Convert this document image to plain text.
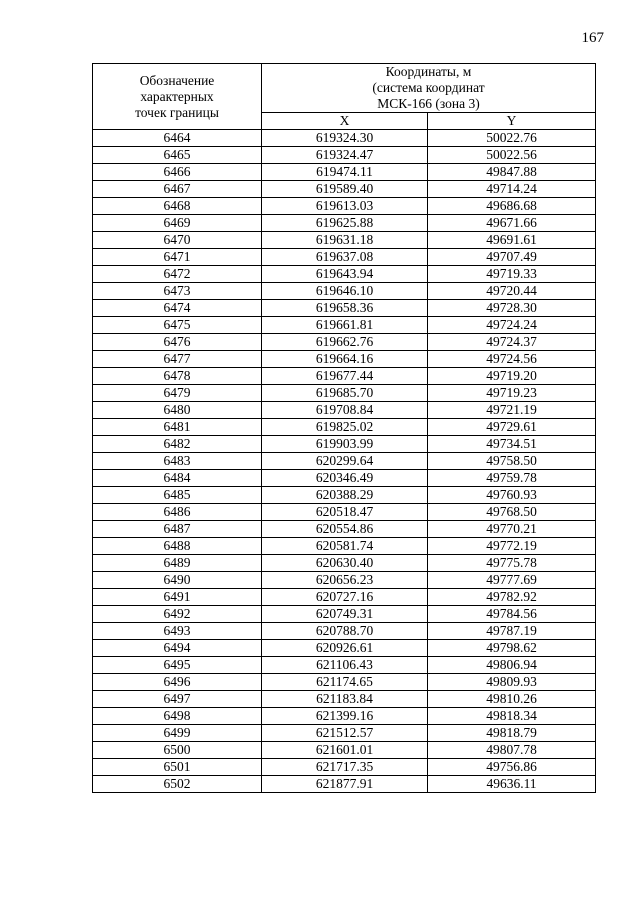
167
Обозначение
характерных
точек границы	Координаты, м
(система координат
МСК-166 (зона 3)	

	X	Y
6464	619324.30	50022.76
6465	619324.47	50022.56
6466	619474.11	49847.88
6467	619589.40	49714.24
6468	619613.03	49686.68
6469	619625.88	49671.66
6470	619631.18	49691.61
6471	619637.08	49707.49
6472	619643.94	49719.33
6473	619646.10	49720.44
6474	619658.36	49728.30
6475	619661.81	49724.24
6476	619662.76	49724.37
6477	619664.16	49724.56
6478	619677.44	49719.20
6479	619685.70	49719.23
6480	619708.84	49721.19
6481	619825.02	49729.61
6482	619903.99	49734.51
6483	620299.64	49758.50
6484	620346.49	49759.78
6485	620388.29	49760.93
6486	620518.47	49768.50
6487	620554.86	49770.21
6488	620581.74	49772.19
6489	620630.40	49775.78
6490	620656.23	49777.69
6491	620727.16	49782.92
6492	620749.31	49784.56
6493	620788.70	49787.19
6494	620926.61	49798.62
6495	621106.43	49806.94
6496	621174.65	49809.93
6497	621183.84	49810.26
6498	621399.16	49818.34
6499	621512.57	49818.79
6500	621601.01	49807.78
6501	621717.35	49756.86
6502	621877.91	49636.11
